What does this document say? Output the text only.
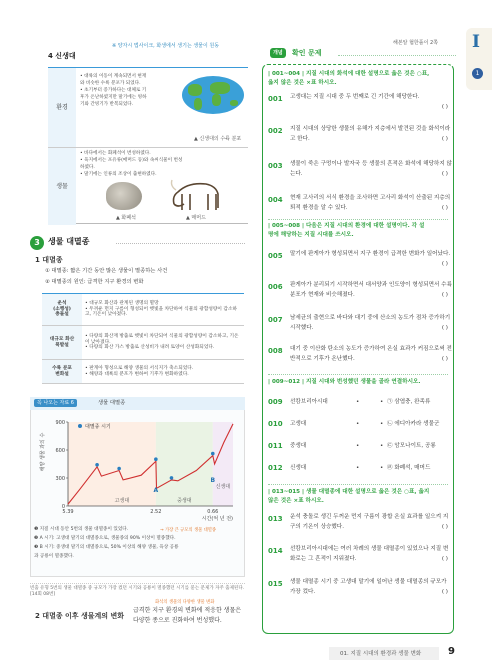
해본알 협한플이 2쪽 I
1
※ 양자시 법사이크, 화생에서 생기는 생물이 원동
4 신생대
환경
• 대륙의 이동이 계속되면서 현재
와 비슷한 수륙 분포가 되었다.
• 초기부터 증가하다는 대체로 기
후가 온난하였지만 말기에는 빙하
기와 간빙기가 반복되었다.
▲ 신생대의 수륙 분포
생물
• 바다에서는 화폐석이 번성하였다.
• 육지에서는 포유류(매머드 등)와 속씨식물이 번성
하였다.
• 말기에는 인류의 조상이 출현하였다.
▲ 화폐석	▲ 매머드
3	생물 대멸종
1 대멸종
① 대멸종: 짧은 기간 동안 많은 생물이 멸종하는 사건
② 대멸종의 원인: 급격한 지구 환경의 변화
운석
(소행성)
충돌설	• 대규모 화산과 관계된 생명의 멸망
• 두꺼운 먼지 구름이 형성되어 햇빛을 차단하여 식물의 광합성량이 감소하고, 기온이 낮아졌다.
대규모 화산
폭발설	• 다량의 화산재 방출로 햇빛이 차단되어 식물의 광합성량이 감소하고, 기온이 낮아졌다.
• 다량의 화산 가스 방출로 산성비가 내려 토양이 산성화되었다.
수륙 분포
변화설	• 판게아 형성으로 해양 생물의 서식지가 축소되었다.
• 해양과 대륙의 분포가 변하여 기후가 변화하였다.
꼭 나오는 자료 6	생물 대멸종
0
300
600
900
5.39	2.52	0.66
시간(억 년 전)
해양 생물 과의 수
고생대	중생대
신생대
대멸종 시기
A
B
❶ 지질 시대 동안 5번의 생물 대멸종이 있었다.
❷ A 시기: 고생대 말기의 대멸종으로, 생물종의 90% 이상이 멸종했다.
❸ B 시기: 중생대 말기의 대멸종으로, 50% 이상의 해양 생물, 육상 공룡
과 공룡이 멸종했다.
→ 가장 큰 규모의 생물 대멸종
빈출 유형 5번의 생물 대멸종 중 규모가 가장 컸던 시기와 공룡이 멸종했던 시기를 묻는 문제가 자주 출제된다. [14회 08번]
화석의 생물의 다양한 생물 변화
2 대멸종 이후 생물계의 변화
급격한 지구 환경의 변화에 적응한 생물은 다양한 종으로 진화하여 번성했다.
개념	확인 문제
| 001~004 | 지질 시대의 화석에 대한 설명으로 옳은 것은 ○표,
옳지 않은 것은 ×표 하시오.
001 고생대는 지질 시대 중 두 번째로 긴 기간에 해당한다.
( )
002 지질 시대의 상당한 생물의 유해가 지층에서 발견된 것을 화석이라고 한다.	( )
003 생물이 죽은 구멍이나 발자국 등 생물의 흔적은 화석에 해당하지 않는다.	( )
004 현재 고사리의 서식 환경을 조사하면 고사리 화석이 산출된 지층의 퇴적 환경을 알 수 있다.	( )
| 005~008 | 다음은 지질 시대의 환경에 대한 설명이다. 각 설
명에 해당하는 지질 시대를 쓰시오.
005 말기에 판게아가 형성되면서 지구 환경이 급격한 변화가 일어났다.
( )
006 판게아가 분리되기 시작하면서 대서양과 인도양이 형성되면서 수륙 분포가 현재와 비슷해졌다.	( )
007 남세균의 출현으로 바다와 대기 중에 산소의 농도가 점차 증가하기 시작했다.	( )
008 대기 중 이산화 탄소의 농도가 증가하여 온실 효과가 커짐으로써 전반적으로 기후가 온난했다.	( )
| 009~012 | 지질 시대와 번성했던 생물을 골라 연결하시오.
009 선캄브리아시대	•	• ㉠ 삼엽충, 완족류
010 고생대	•	• ㉡ 에디아카라 생물군
011 중생대	•	• ㉢ 암모나이트, 공룡
012 신생대	•	• ㉣ 화폐석, 매머드
| 013~015 | 생물 대멸종에 대한 설명으로 옳은 것은 ○표, 옳지
않은 것은 ×표 하시오.
013 운석 충돌로 생긴 두꺼운 먼지 구름이 광합 온실 효과를 일으켜 지구의 기온이 상승했다.	( )
014 선캄브리아시대에는 여러 차례의 생물 대멸종이 있었으나 지질 변화로는 그 흔적이 지워졌다.	( )
015 생물 대멸종 시기 중 고생대 말기에 일어난 생물 대멸종의 규모가 가장 컸다.	( )
01. 지질 시대의 환경과 생물 변화	9
